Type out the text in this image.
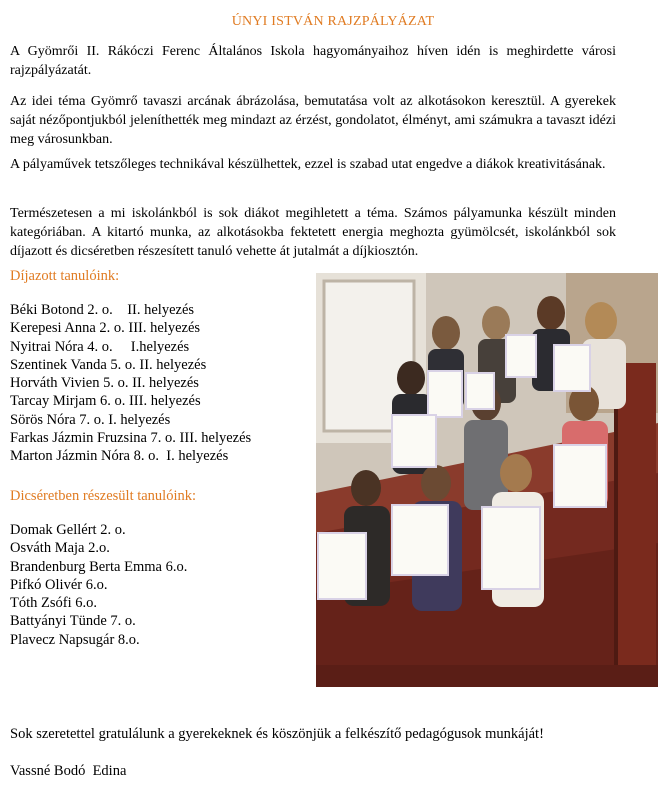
ÚNYI ISTVÁN RAJZPÁLYÁZAT

A Gyömrői II. Rákóczi Ferenc Általános Iskola hagyományaihoz híven idén is meghirdette városi rajzpályázatát.

Az idei téma Gyömrő tavaszi arcának ábrázolása, bemutatása volt az alkotásokon keresztül. A gyerekek saját nézőpontjukból jeleníthették meg mindazt az érzést, gondolatot, élményt, ami számukra a tavaszt idézi meg városunkban.

A pályaművek tetszőleges technikával készülhettek, ezzel is szabad utat engedve a diákok kreativitásának.

Természetesen a mi iskolánkból is sok diákot megihletett a téma. Számos pályamunka készült minden kategóriában. A kitartó munka, az alkotásokba fektetett energia meghozta gyümölcsét, iskolánkból sok díjazott és dicséretben részesített tanuló vehette át jutalmát a díjkiosztón.

Díjazott tanulóink:
Béki Botond 2. o.    II. helyezés
Kerepesi Anna 2. o. III. helyezés
Nyitrai Nóra 4. o.     I.helyezés
Szentinek Vanda 5. o. II. helyezés
Horváth Vivien 5. o. II. helyezés
Tarcay Mirjam 6. o. III. helyezés
Sörös Nóra 7. o. I. helyezés
Farkas Jázmin Fruzsina 7. o. III. helyezés
Marton Jázmin Nóra 8. o.  I. helyezés
Dicséretben részesült tanulóink:
Domak Gellért 2. o.
Osváth Maja 2.o.
Brandenburg Berta Emma 6.o.
Pifkó Olivér 6.o.
Tóth Zsófi 6.o.
Battyányi Tünde 7. o.
Plavecz Napsugár 8.o.

Sok szeretettel gratulálunk a gyerekeknek és köszönjük a felkészítő pedagógusok munkáját!

Vassné Bodó  Edina
